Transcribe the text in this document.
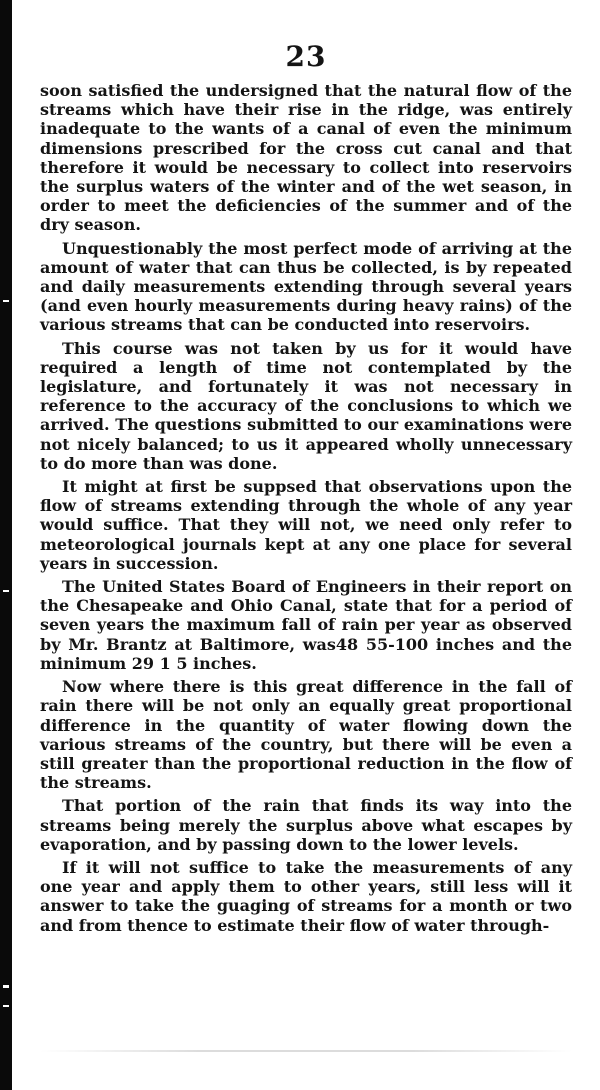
23

soon satisfied the undersigned that the natural flow of the streams which have their rise in the ridge, was entirely inadequate to the wants of a canal of even the minimum dimensions prescribed for the cross cut canal and that therefore it would be necessary to collect into reservoirs the surplus waters of the winter and of the wet season, in order to meet the deficiencies of the summer and of the dry season.

Unquestionably the most perfect mode of arriving at the amount of water that can thus be collected, is by repeated and daily measurements extending through several years (and even hourly measurements during heavy rains) of the various streams that can be conducted into reservoirs.

This course was not taken by us for it would have required a length of time not contemplated by the legislature, and fortunately it was not necessary in reference to the accuracy of the conclusions to which we arrived. The questions submitted to our examinations were not nicely balanced; to us it appeared wholly unnecessary to do more than was done.

It might at first be suppsed that observations upon the flow of streams extending through the whole of any year would suffice. That they will not, we need only refer to meteorological journals kept at any one place for several years in succession.

The United States Board of Engineers in their report on the Chesapeake and Ohio Canal, state that for a period of seven years the maximum fall of rain per year as observed by Mr. Brantz at Baltimore, was48 55-100 inches and the minimum 29 1 5 inches.

Now where there is this great difference in the fall of rain there will be not only an equally great proportional difference in the quantity of water flowing down the various streams of the country, but there will be even a still greater than the proportional reduction in the flow of the streams.

That portion of the rain that finds its way into the streams being merely the surplus above what escapes by evaporation, and by passing down to the lower levels.

If it will not suffice to take the measurements of any one year and apply them to other years, still less will it answer to take the guaging of streams for a month or two and from thence to estimate their flow of water through-
